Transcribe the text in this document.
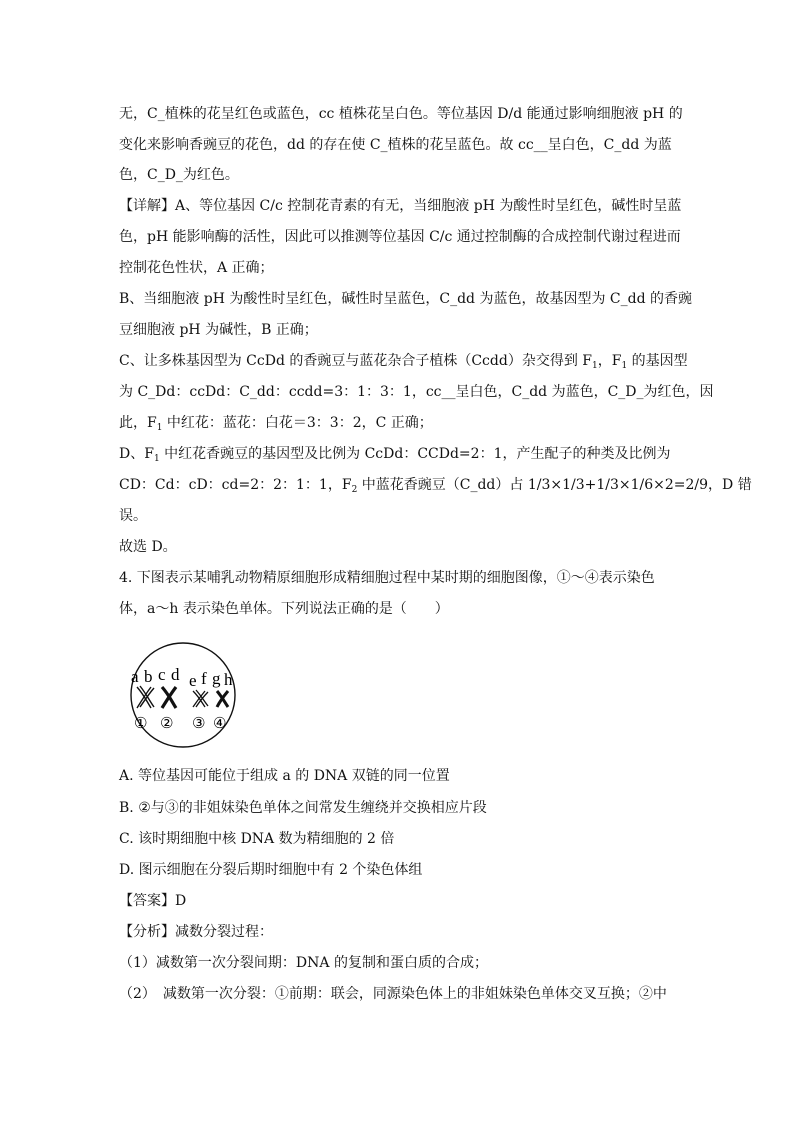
无，C_植株的花呈红色或蓝色，cc 植株花呈白色。等位基因 D/d 能通过影响细胞液 pH 的
变化来影响香豌豆的花色，dd 的存在使 C_植株的花呈蓝色。故 cc__呈白色，C_dd 为蓝
色，C_D_为红色。
【详解】A、等位基因 C/c 控制花青素的有无，当细胞液 pH 为酸性时呈红色，碱性时呈蓝
色，pH 能影响酶的活性，因此可以推测等位基因 C/c 通过控制酶的合成控制代谢过程进而
控制花色性状，A 正确；
B、当细胞液 pH 为酸性时呈红色，碱性时呈蓝色，C_dd 为蓝色，故基因型为 C_dd 的香豌
豆细胞液 pH 为碱性，B 正确；
C、让多株基因型为 CcDd 的香豌豆与蓝花杂合子植株（Ccdd）杂交得到 $F_1$，$F_1$ 的基因型
为 C_Dd：ccDd：C_dd：ccdd=3：1：3：1，cc__呈白色，C_dd 为蓝色，C_D_为红色，因
此，$F_1$ 中红花：蓝花：白花＝3：3：2，C 正确；
D、$F_1$ 中红花香豌豆的基因型及比例为 CcDd：CCDd=2：1，产生配子的种类及比例为
CD：Cd：cD：cd=2：2：1：1，$F_2$ 中蓝花香豌豆（C_dd）占 1/3×1/3+1/3×1/6×2=2/9，D 错
误。
故选 D。
4. 下图表示某哺乳动物精原细胞形成精细胞过程中某时期的细胞图像，①～④表示染色
体，a～h 表示染色单体。下列说法正确的是（　　）
a b c d e f g h
① ② ③ ④
A. 等位基因可能位于组成 a 的 DNA 双链的同一位置
B. ②与③的非姐妹染色单体之间常发生缠绕并交换相应片段
C. 该时期细胞中核 DNA 数为精细胞的 2 倍
D. 图示细胞在分裂后期时细胞中有 2 个染色体组
【答案】D
【分析】减数分裂过程：
（1）减数第一次分裂间期：DNA 的复制和蛋白质的合成；
（2）　减数第一次分裂：①前期：联会，同源染色体上的非姐妹染色单体交叉互换；②中
